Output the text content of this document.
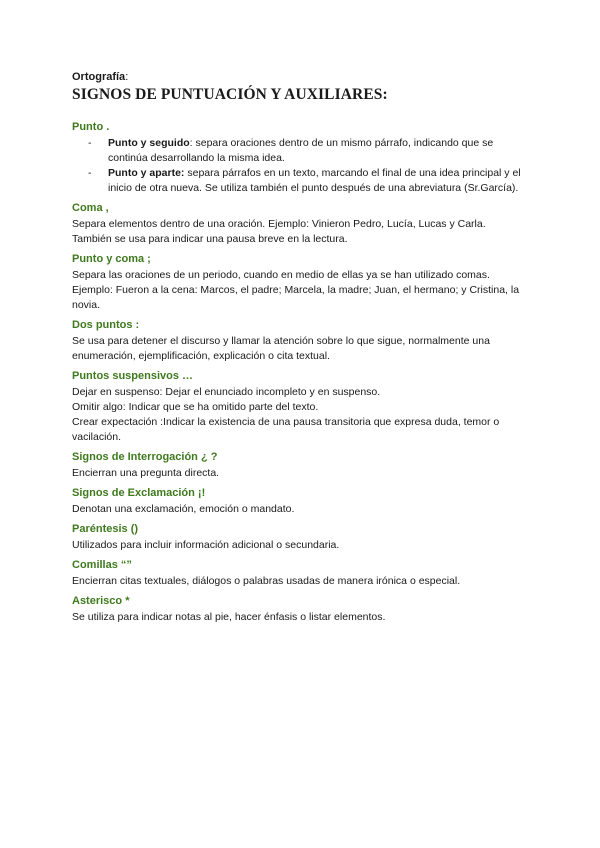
Ortografía:
SIGNOS DE PUNTUACIÓN Y AUXILIARES:
Punto .
- Punto y seguido: separa oraciones dentro de un mismo párrafo, indicando que se continúa desarrollando la misma idea.
- Punto y aparte: separa párrafos en un texto, marcando el final de una idea principal y el inicio de otra nueva. Se utiliza también el punto después de una abreviatura (Sr.García).
Coma ,

Separa elementos dentro de una oración. Ejemplo: Vinieron Pedro, Lucía, Lucas y Carla.

También se usa para indicar una pausa breve en la lectura.

Punto y coma ;

Separa las oraciones de un periodo, cuando en medio de ellas ya se han utilizado comas.

Ejemplo: Fueron a la cena: Marcos, el padre; Marcela, la madre; Juan, el hermano; y Cristina, la novia.

Dos puntos :

Se usa para detener el discurso y llamar la atención sobre lo que sigue, normalmente una enumeración, ejemplificación, explicación o cita textual.

Puntos suspensivos …

Dejar en suspenso: Dejar el enunciado incompleto y en suspenso.

Omitir algo: Indicar que se ha omitido parte del texto.

Crear expectación :Indicar la existencia de una pausa transitoria que expresa duda, temor o vacilación.

Signos de Interrogación ¿ ?

Encierran una pregunta directa.

Signos de Exclamación ¡!

Denotan una exclamación, emoción o mandato.

Paréntesis ()

Utilizados para incluir información adicional o secundaria.

Comillas “”

Encierran citas textuales, diálogos o palabras usadas de manera irónica o especial.

Asterisco *

Se utiliza para indicar notas al pie, hacer énfasis o listar elementos.
